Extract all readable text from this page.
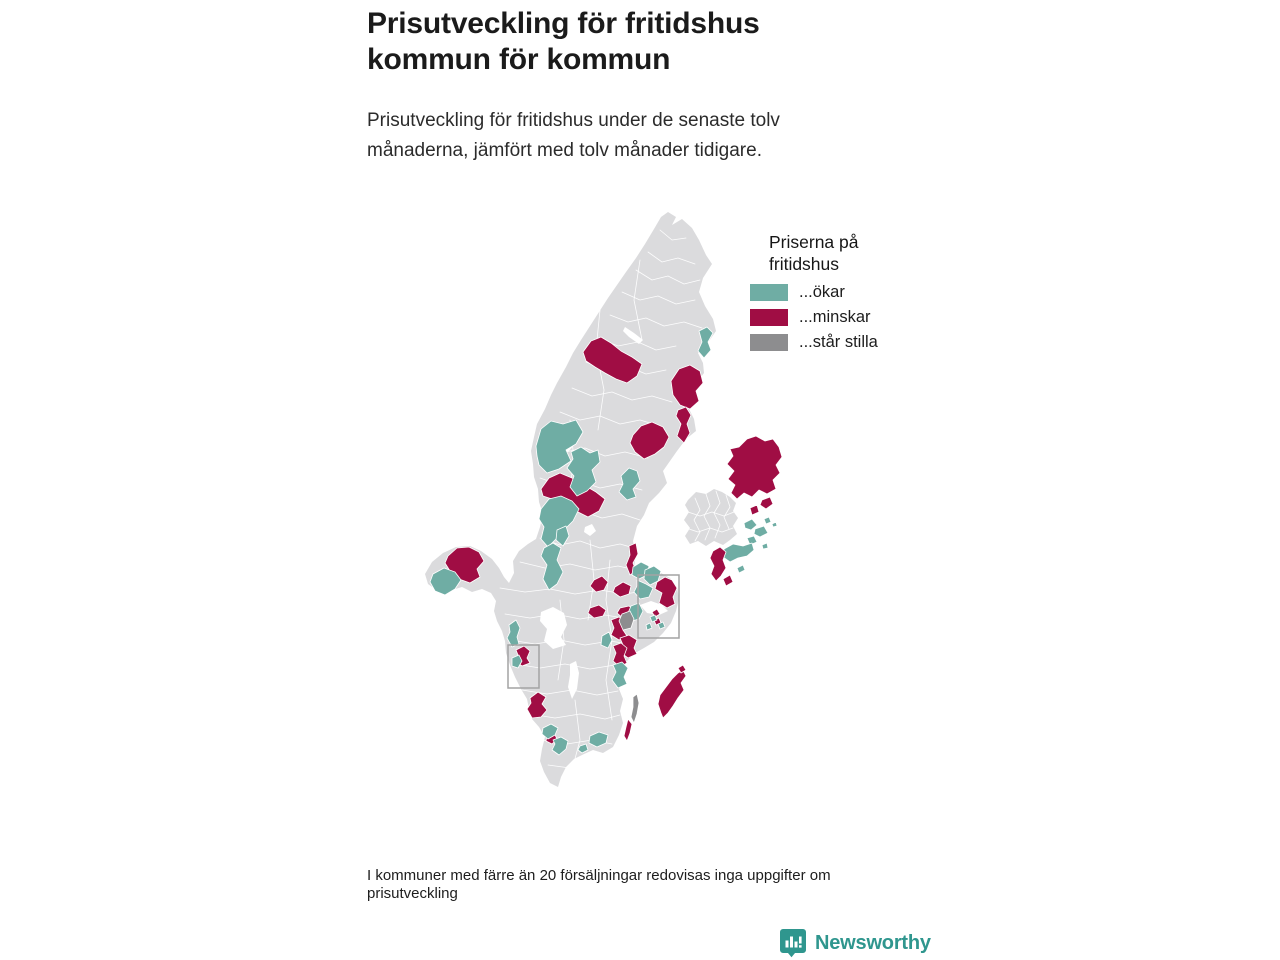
Prisutveckling för fritidshus kommun för kommun

Prisutveckling för fritidshus under de senaste tolv månaderna, jämfört med tolv månader tidigare.

Priserna på
fritidshus
...ökar
...minskar
...står stilla
I kommuner med färre än 20 försäljningar redovisas inga uppgifter om prisutveckling
Newsworthy
